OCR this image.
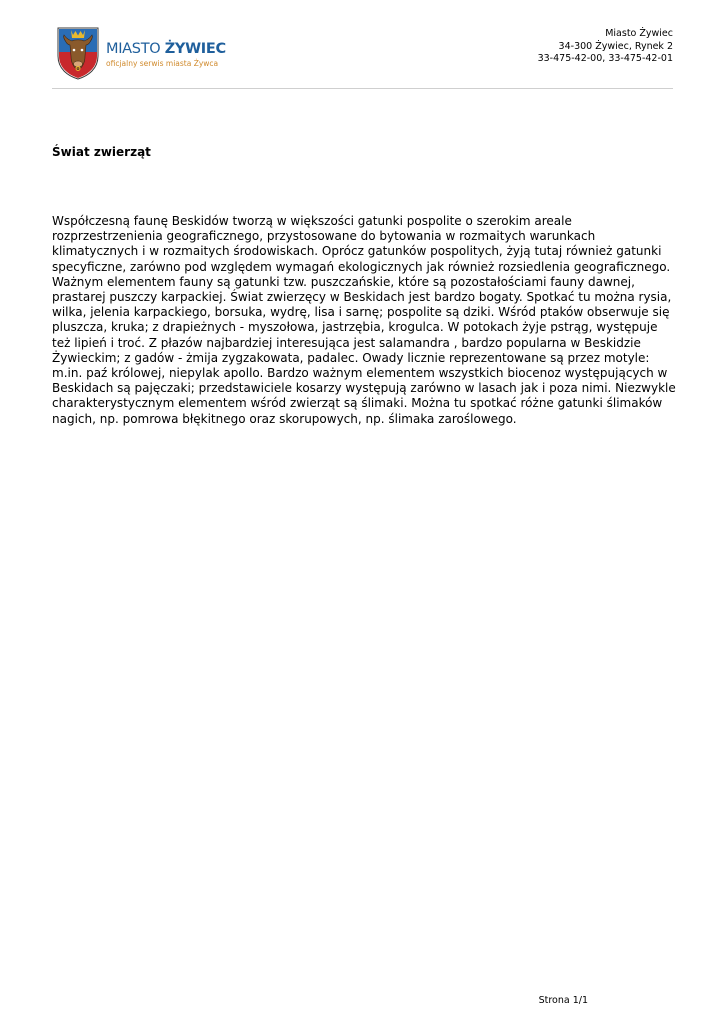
MIASTO ŻYWIEC
oficjalny serwis miasta Żywca
Miasto Żywiec
34-300 Żywiec, Rynek 2
33-475-42-00, 33-475-42-01
Świat zwierząt

Współczesną faunę Beskidów tworzą w większości gatunki pospolite o szerokim areale rozprzestrzenienia geograficznego, przystosowane do bytowania w rozmaitych warunkach klimatycznych i w rozmaitych środowiskach. Oprócz gatunków pospolitych, żyją tutaj również gatunki specyficzne, zarówno pod względem wymagań ekologicznych jak również rozsiedlenia geograficznego. Ważnym elementem fauny są gatunki tzw. puszczańskie, które są pozostałościami fauny dawnej, prastarej puszczy karpackiej. Świat zwierzęcy w Beskidach jest bardzo bogaty. Spotkać tu można rysia, wilka, jelenia karpackiego, borsuka, wydrę, lisa i sarnę; pospolite są dziki. Wśród ptaków obserwuje się pluszcza, kruka; z drapieżnych - myszołowa, jastrzębia, krogulca. W potokach żyje pstrąg, występuje też lipień i troć. Z płazów najbardziej interesująca jest salamandra , bardzo popularna w Beskidzie Żywieckim; z gadów - żmija zygzakowata, padalec. Owady licznie reprezentowane są przez motyle: m.in. paź królowej, niepylak apollo. Bardzo ważnym elementem wszystkich biocenoz występujących w Beskidach są pajęczaki; przedstawiciele kosarzy występują zarówno w lasach jak i poza nimi. Niezwykle charakterystycznym elementem wśród zwierząt są ślimaki. Można tu spotkać różne gatunki ślimaków nagich, np. pomrowa błękitnego oraz skorupowych, np. ślimaka zaroślowego.

Strona 1/1
